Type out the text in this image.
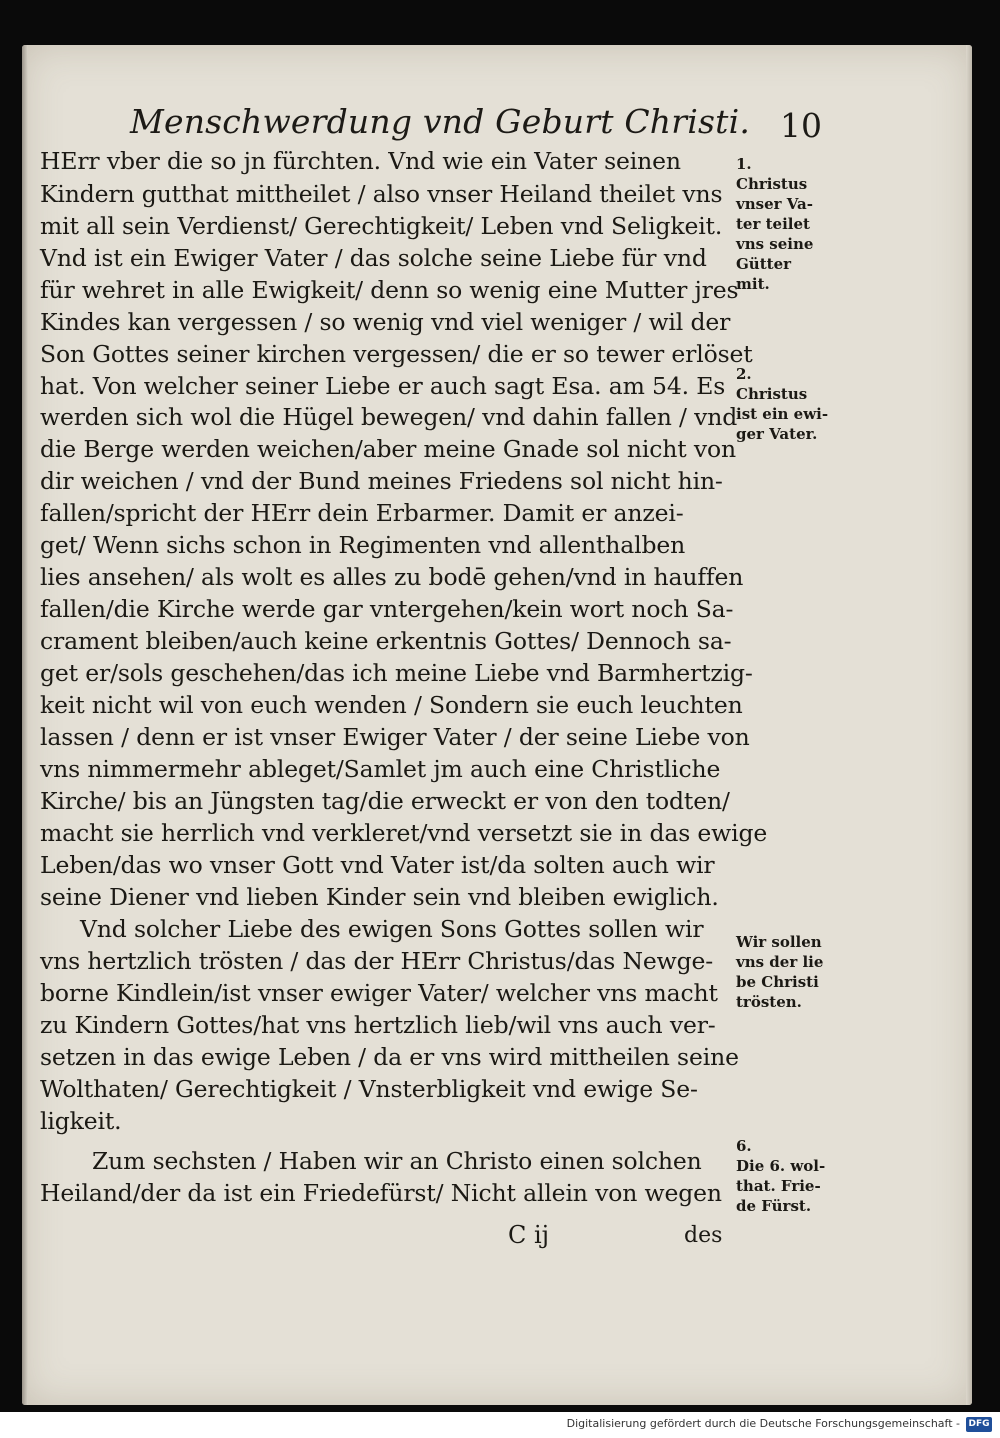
Menschwerdung vnd Geburt Christi. 10
HErr vber die so jn fürchten. Vnd wie ein Vater seinen
Kindern gutthat mittheilet / also vnser Heiland theilet vns
mit all sein Verdienst/ Gerechtigkeit/ Leben vnd Seligkeit.
Vnd ist ein Ewiger Vater / das solche seine Liebe für vnd
für wehret in alle Ewigkeit/ denn so wenig eine Mutter jres
Kindes kan vergessen / so wenig vnd viel weniger / wil der
Son Gottes seiner kirchen vergessen/ die er so tewer erlöset
hat. Von welcher seiner Liebe er auch sagt Esa. am 54. Es
werden sich wol die Hügel bewegen/ vnd dahin fallen / vnd
die Berge werden weichen/aber meine Gnade sol nicht von
dir weichen / vnd der Bund meines Friedens sol nicht hin-
fallen/spricht der HErr dein Erbarmer. Damit er anzei-
get/ Wenn sichs schon in Regimenten vnd allenthalben
lies ansehen/ als wolt es alles zu bodē gehen/vnd in hauffen
fallen/die Kirche werde gar vntergehen/kein wort noch Sa-
crament bleiben/auch keine erkentnis Gottes/ Dennoch sa-
get er/sols geschehen/das ich meine Liebe vnd Barmhertzig-
keit nicht wil von euch wenden / Sondern sie euch leuchten
lassen / denn er ist vnser Ewiger Vater / der seine Liebe von
vns nimmermehr ableget/Samlet jm auch eine Christliche
Kirche/ bis an Jüngsten tag/die erweckt er von den todten/
macht sie herrlich vnd verkleret/vnd versetzt sie in das ewige
Leben/das wo vnser Gott vnd Vater ist/da solten auch wir
seine Diener vnd lieben Kinder sein vnd bleiben ewiglich.
Vnd solcher Liebe des ewigen Sons Gottes sollen wir
vns hertzlich trösten / das der HErr Christus/das Newge-
borne Kindlein/ist vnser ewiger Vater/ welcher vns macht
zu Kindern Gottes/hat vns hertzlich lieb/wil vns auch ver-
setzen in das ewige Leben / da er vns wird mittheilen seine
Wolthaten/ Gerechtigkeit / Vnsterbligkeit vnd ewige Se-
ligkeit.
Zum sechsten / Haben wir an Christo einen solchen
Heiland/der da ist ein Friedefürst/ Nicht allein von wegen
1.
Christus
vnser Va-
ter teilet
vns seine
Gütter
mit.
2.
Christus
ist ein ewi-
ger Vater.
Wir sollen
vns der lie
be Christi
trösten.
6.
Die 6. wol-
that. Frie-
de Fürst.
C ij	des
Digitalisierung gefördert durch die Deutsche Forschungsgemeinschaft - DFG
